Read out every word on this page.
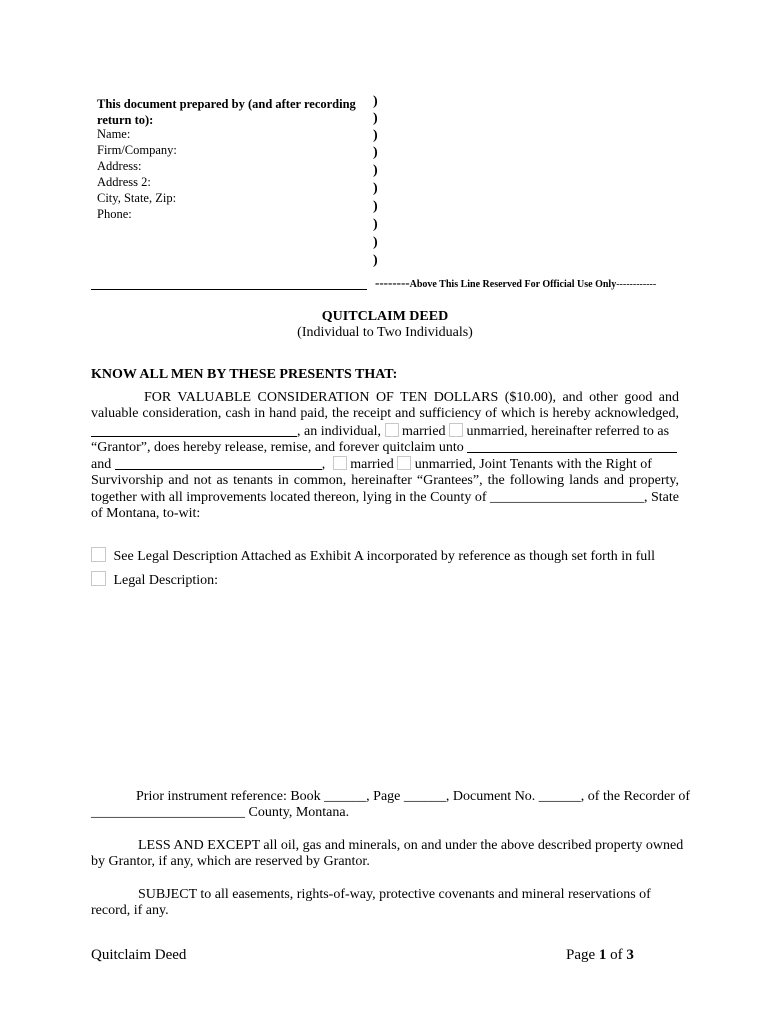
This document prepared by (and after recording
return to):
Name:
Firm/Company:
Address:
Address 2:
City, State, Zip:
Phone:
)
)
)
)
)
)
)
)
)
)
--------Above This Line Reserved For Official Use Only------------
QUITCLAIM DEED
(Individual to Two Individuals)
KNOW ALL MEN BY THESE PRESENTS THAT:
FOR VALUABLE CONSIDERATION OF TEN DOLLARS ($10.00), and other good and
valuable consideration, cash in hand paid, the receipt and sufficiency of which is hereby acknowledged,
, an individual, married unmarried, hereinafter referred to as
“Grantor”, does hereby release, remise, and forever quitclaim unto
and	, married unmarried, Joint Tenants with the Right of
Survivorship and not as tenants in common, hereinafter “Grantees”, the following lands and property,
together with all improvements located thereon, lying in the County of ______________________, State
of Montana, to-wit:
See Legal Description Attached as Exhibit A incorporated by reference as though set forth in full
Legal Description:
Prior instrument reference: Book ______, Page ______, Document No. ______, of the Recorder of
______________________ County, Montana.
LESS AND EXCEPT all oil, gas and minerals, on and under the above described property owned
by Grantor, if any, which are reserved by Grantor.
SUBJECT to all easements, rights-of-way, protective covenants and mineral reservations of
record, if any.
Quitclaim Deed	Page 1 of 3
